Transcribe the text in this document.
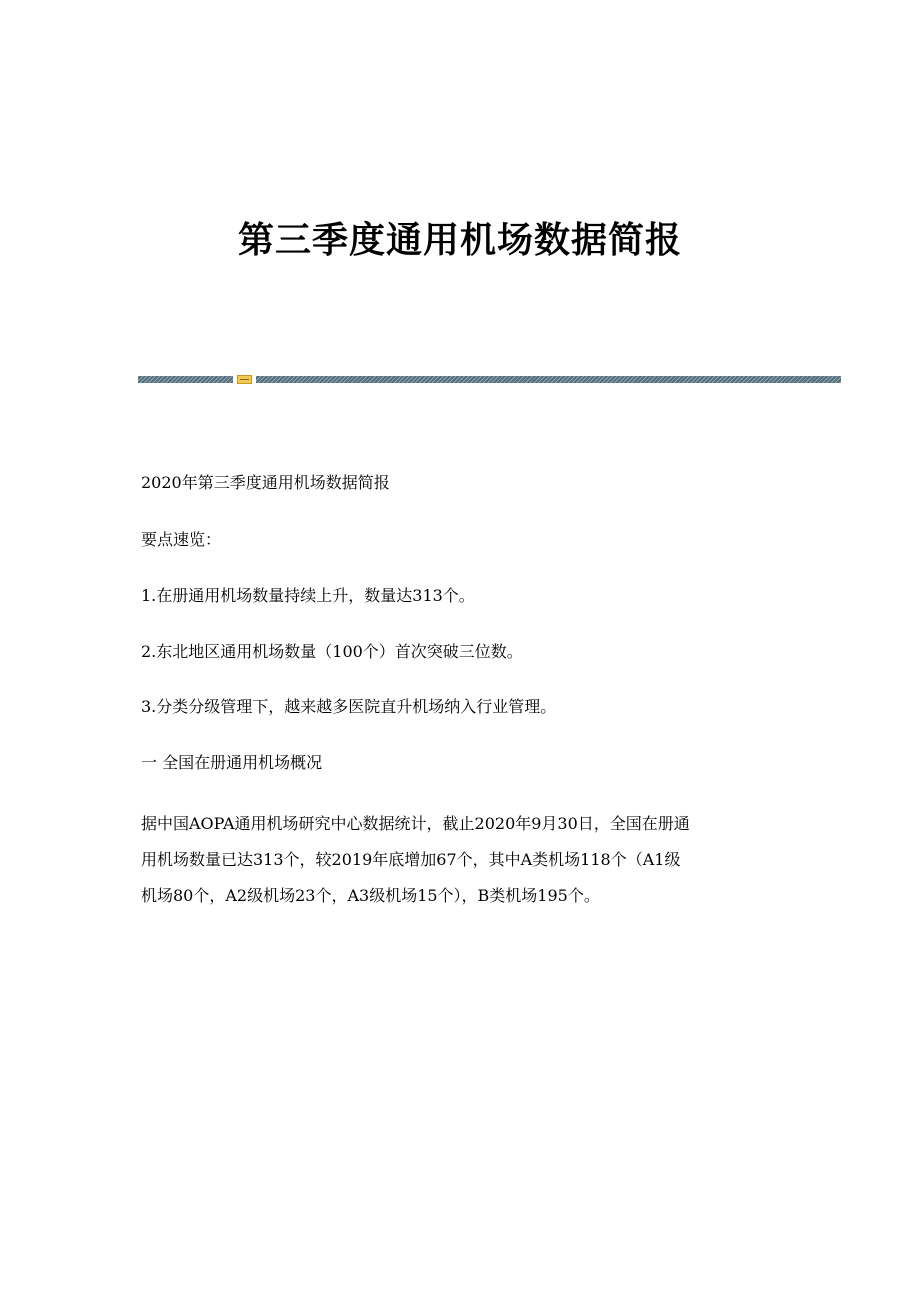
第三季度通用机场数据简报

2020年第三季度通用机场数据简报

要点速览：

1.在册通用机场数量持续上升，数量达313个。

2.东北地区通用机场数量（100个）首次突破三位数。

3.分类分级管理下，越来越多医院直升机场纳入行业管理。

一 全国在册通用机场概况

据中国AOPA通用机场研究中心数据统计，截止2020年9月30日，全国在册通
用机场数量已达313个，较2019年底增加67个，其中A类机场118个（A1级
机场80个，A2级机场23个，A3级机场15个），B类机场195个。
